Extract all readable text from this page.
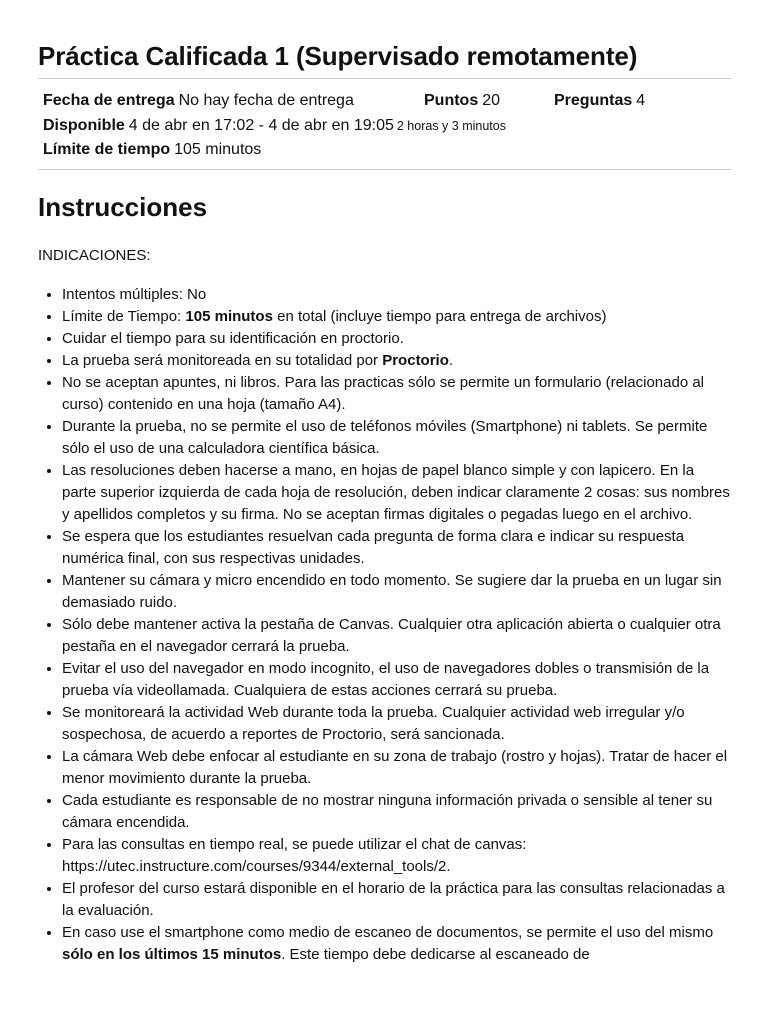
Práctica Calificada 1 (Supervisado remotamente)
Fecha de entrega No hay fecha de entrega	Puntos 20	Preguntas 4
Disponible 4 de abr en 17:02 - 4 de abr en 19:05 2 horas y 3 minutos
Límite de tiempo 105 minutos
Instrucciones

INDICACIONES:

• Intentos múltiples: No
• Límite de Tiempo: 105 minutos en total (incluye tiempo para entrega de archivos)
• Cuidar el tiempo para su identificación en proctorio.
• La prueba será monitoreada en su totalidad por Proctorio.
• No se aceptan apuntes, ni libros. Para las practicas sólo se permite un formulario (relacionado al curso) contenido en una hoja (tamaño A4).
• Durante la prueba, no se permite el uso de teléfonos móviles (Smartphone) ni tablets. Se permite sólo el uso de una calculadora científica básica.
• Las resoluciones deben hacerse a mano, en hojas de papel blanco simple y con lapicero. En la parte superior izquierda de cada hoja de resolución, deben indicar claramente 2 cosas: sus nombres y apellidos completos y su firma. No se aceptan firmas digitales o pegadas luego en el archivo.
• Se espera que los estudiantes resuelvan cada pregunta de forma clara e indicar su respuesta numérica final, con sus respectivas unidades.
• Mantener su cámara y micro encendido en todo momento. Se sugiere dar la prueba en un lugar sin demasiado ruido.
• Sólo debe mantener activa la pestaña de Canvas. Cualquier otra aplicación abierta o cualquier otra pestaña en el navegador cerrará la prueba.
• Evitar el uso del navegador en modo incognito, el uso de navegadores dobles o transmisión de la prueba vía videollamada. Cualquiera de estas acciones cerrará su prueba.
• Se monitoreará la actividad Web durante toda la prueba. Cualquier actividad web irregular y/o sospechosa, de acuerdo a reportes de Proctorio, será sancionada.
• La cámara Web debe enfocar al estudiante en su zona de trabajo (rostro y hojas). Tratar de hacer el menor movimiento durante la prueba.
• Cada estudiante es responsable de no mostrar ninguna información privada o sensible al tener su cámara encendida.
• Para las consultas en tiempo real, se puede utilizar el chat de canvas: https://utec.instructure.com/courses/9344/external_tools/2.
• El profesor del curso estará disponible en el horario de la práctica para las consultas relacionadas a la evaluación.
• En caso use el smartphone como medio de escaneo de documentos, se permite el uso del mismo sólo en los últimos 15 minutos. Este tiempo debe dedicarse al escaneado de
